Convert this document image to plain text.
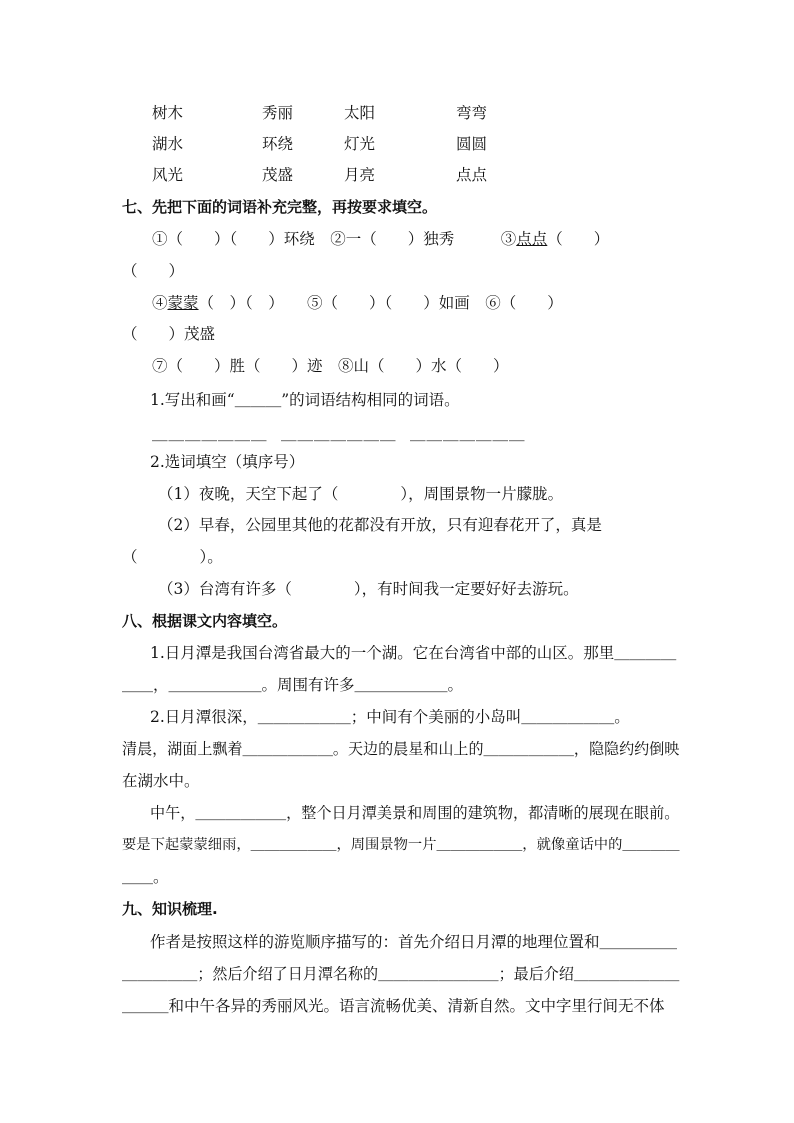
树木	秀丽	太阳	弯弯
湖水	环绕	灯光	圆圆
风光	茂盛	月亮	点点
七、先把下面的词语补充完整，再按要求填空。
①（　　）（　　）环绕　②一（　　）独秀　　　③点点（　　）
（　　）
④蒙蒙（　）（　）　　⑤（　　）（　　）如画　⑥（　　）
（　　）茂盛
⑦（　　）胜（　　）迹　⑧山（　　）水（　　）
1.写出和画“＿＿＿”的词语结构相同的词语。
＿＿＿＿＿＿＿ ＿＿＿＿＿＿＿ ＿＿＿＿＿＿＿
2.选词填空（填序号）
（1）夜晚，天空下起了（　　　　），周围景物一片朦胧。
（2）早春，公园里其他的花都没有开放，只有迎春花开了，真是
（　　　　）。
（3）台湾有许多（　　　　），有时间我一定要好好去游玩。
八、根据课文内容填空。
1.日月潭是我国台湾省最大的一个湖。它在台湾省中部的山区。那里＿＿＿＿
＿＿，＿＿＿＿＿＿。周围有许多＿＿＿＿＿＿。
2.日月潭很深，＿＿＿＿＿＿；中间有个美丽的小岛叫＿＿＿＿＿＿。
清晨，湖面上飘着＿＿＿＿＿＿。天边的晨星和山上的＿＿＿＿＿＿，隐隐约约倒映
在湖水中。
中午，＿＿＿＿＿＿，整个日月潭美景和周围的建筑物，都清晰的展现在眼前。
要是下起蒙蒙细雨，＿＿＿＿＿＿，周围景物一片＿＿＿＿＿＿，就像童话中的＿＿＿＿
＿＿。
九、知识梳理.
作者是按照这样的游览顺序描写的：首先介绍日月潭的地理位置和＿＿＿＿＿
＿＿＿＿＿；然后介绍了日月潭名称的＿＿＿＿＿＿＿＿；最后介绍＿＿＿＿＿＿＿
＿＿＿和中午各异的秀丽风光。语言流畅优美、清新自然。文中字里行间无不体
